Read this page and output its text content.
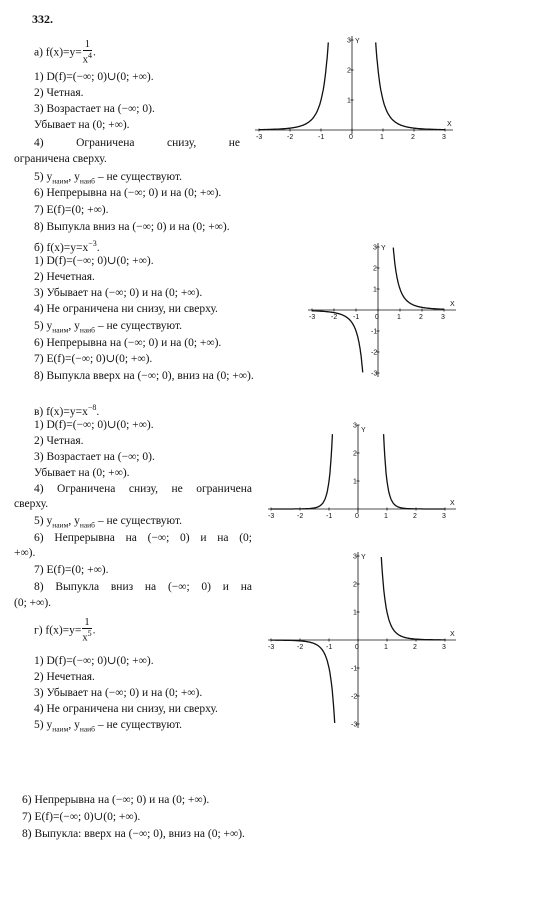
332.
а) $f(x)=y= \frac{1}{x^4}$ .
1) D(f)=(−∞; 0)∪(0; +∞).
2) Четная.
3) Возрастает на (−∞; 0).
Убывает на (0; +∞).
4)	Ограничена	снизу,	не
ограничена сверху.
5) $y_{наим}$, $y_{наиб}$ – не существуют.
6) Непрерывна на (−∞; 0) и на (0; +∞).
7) E(f)=(0; +∞).
8) Выпукла вниз на (−∞; 0) и на (0; +∞).
б) $f(x)=y=x^{-3}$.
1) D(f)=(−∞; 0)∪(0; +∞).
2) Нечетная.
3) Убывает на (−∞; 0) и на (0; +∞).
4) Не ограничена ни снизу, ни сверху.
5) $y_{наим}$, $y_{наиб}$ – не существуют.
6) Непрерывна на (−∞; 0) и на (0; +∞).
7) E(f)=(−∞; 0)∪(0; +∞).
8) Выпукла вверх на (−∞; 0), вниз на (0; +∞).
в) $f(x)=y=x^{-8}$.
1) D(f)=(−∞; 0)∪(0; +∞).
2) Четная.
3) Возрастает на (−∞; 0).
Убывает на (0; +∞).
4) Ограничена снизу, не ограничена
сверху.
5) $y_{наим}$, $y_{наиб}$ – не существуют.
6) Непрерывна на (−∞; 0) и на (0;
+∞).
7) E(f)=(0; +∞).
8) Выпукла вниз на (−∞; 0) и на
(0; +∞).
г) $f(x)=y= \frac{1}{x^5}$ .
1) D(f)=(−∞; 0)∪(0; +∞).
2) Нечетная.
3) Убывает на (−∞; 0) и на (0; +∞).
4) Не ограничена ни снизу, ни сверху.
5) $y_{наим}$, $y_{наиб}$ – не существуют.
6) Непрерывна на (−∞; 0) и на (0; +∞).
7) E(f)=(−∞; 0)∪(0; +∞).
8) Выпукла: вверх на (−∞; 0), вниз на (0; +∞).
X
Y
-3	-2	-1	0	1	2	3
3
2
1
X
Y
-3 -2 -1 0	1	2	3
3
2
1
-1
-2
-3
X
Y
-3	-2	-1	0	1	2	3
3
2
1
X
Y
-3	-2	-1	0	1	2	3
3
2
1
-1
-2
-3
